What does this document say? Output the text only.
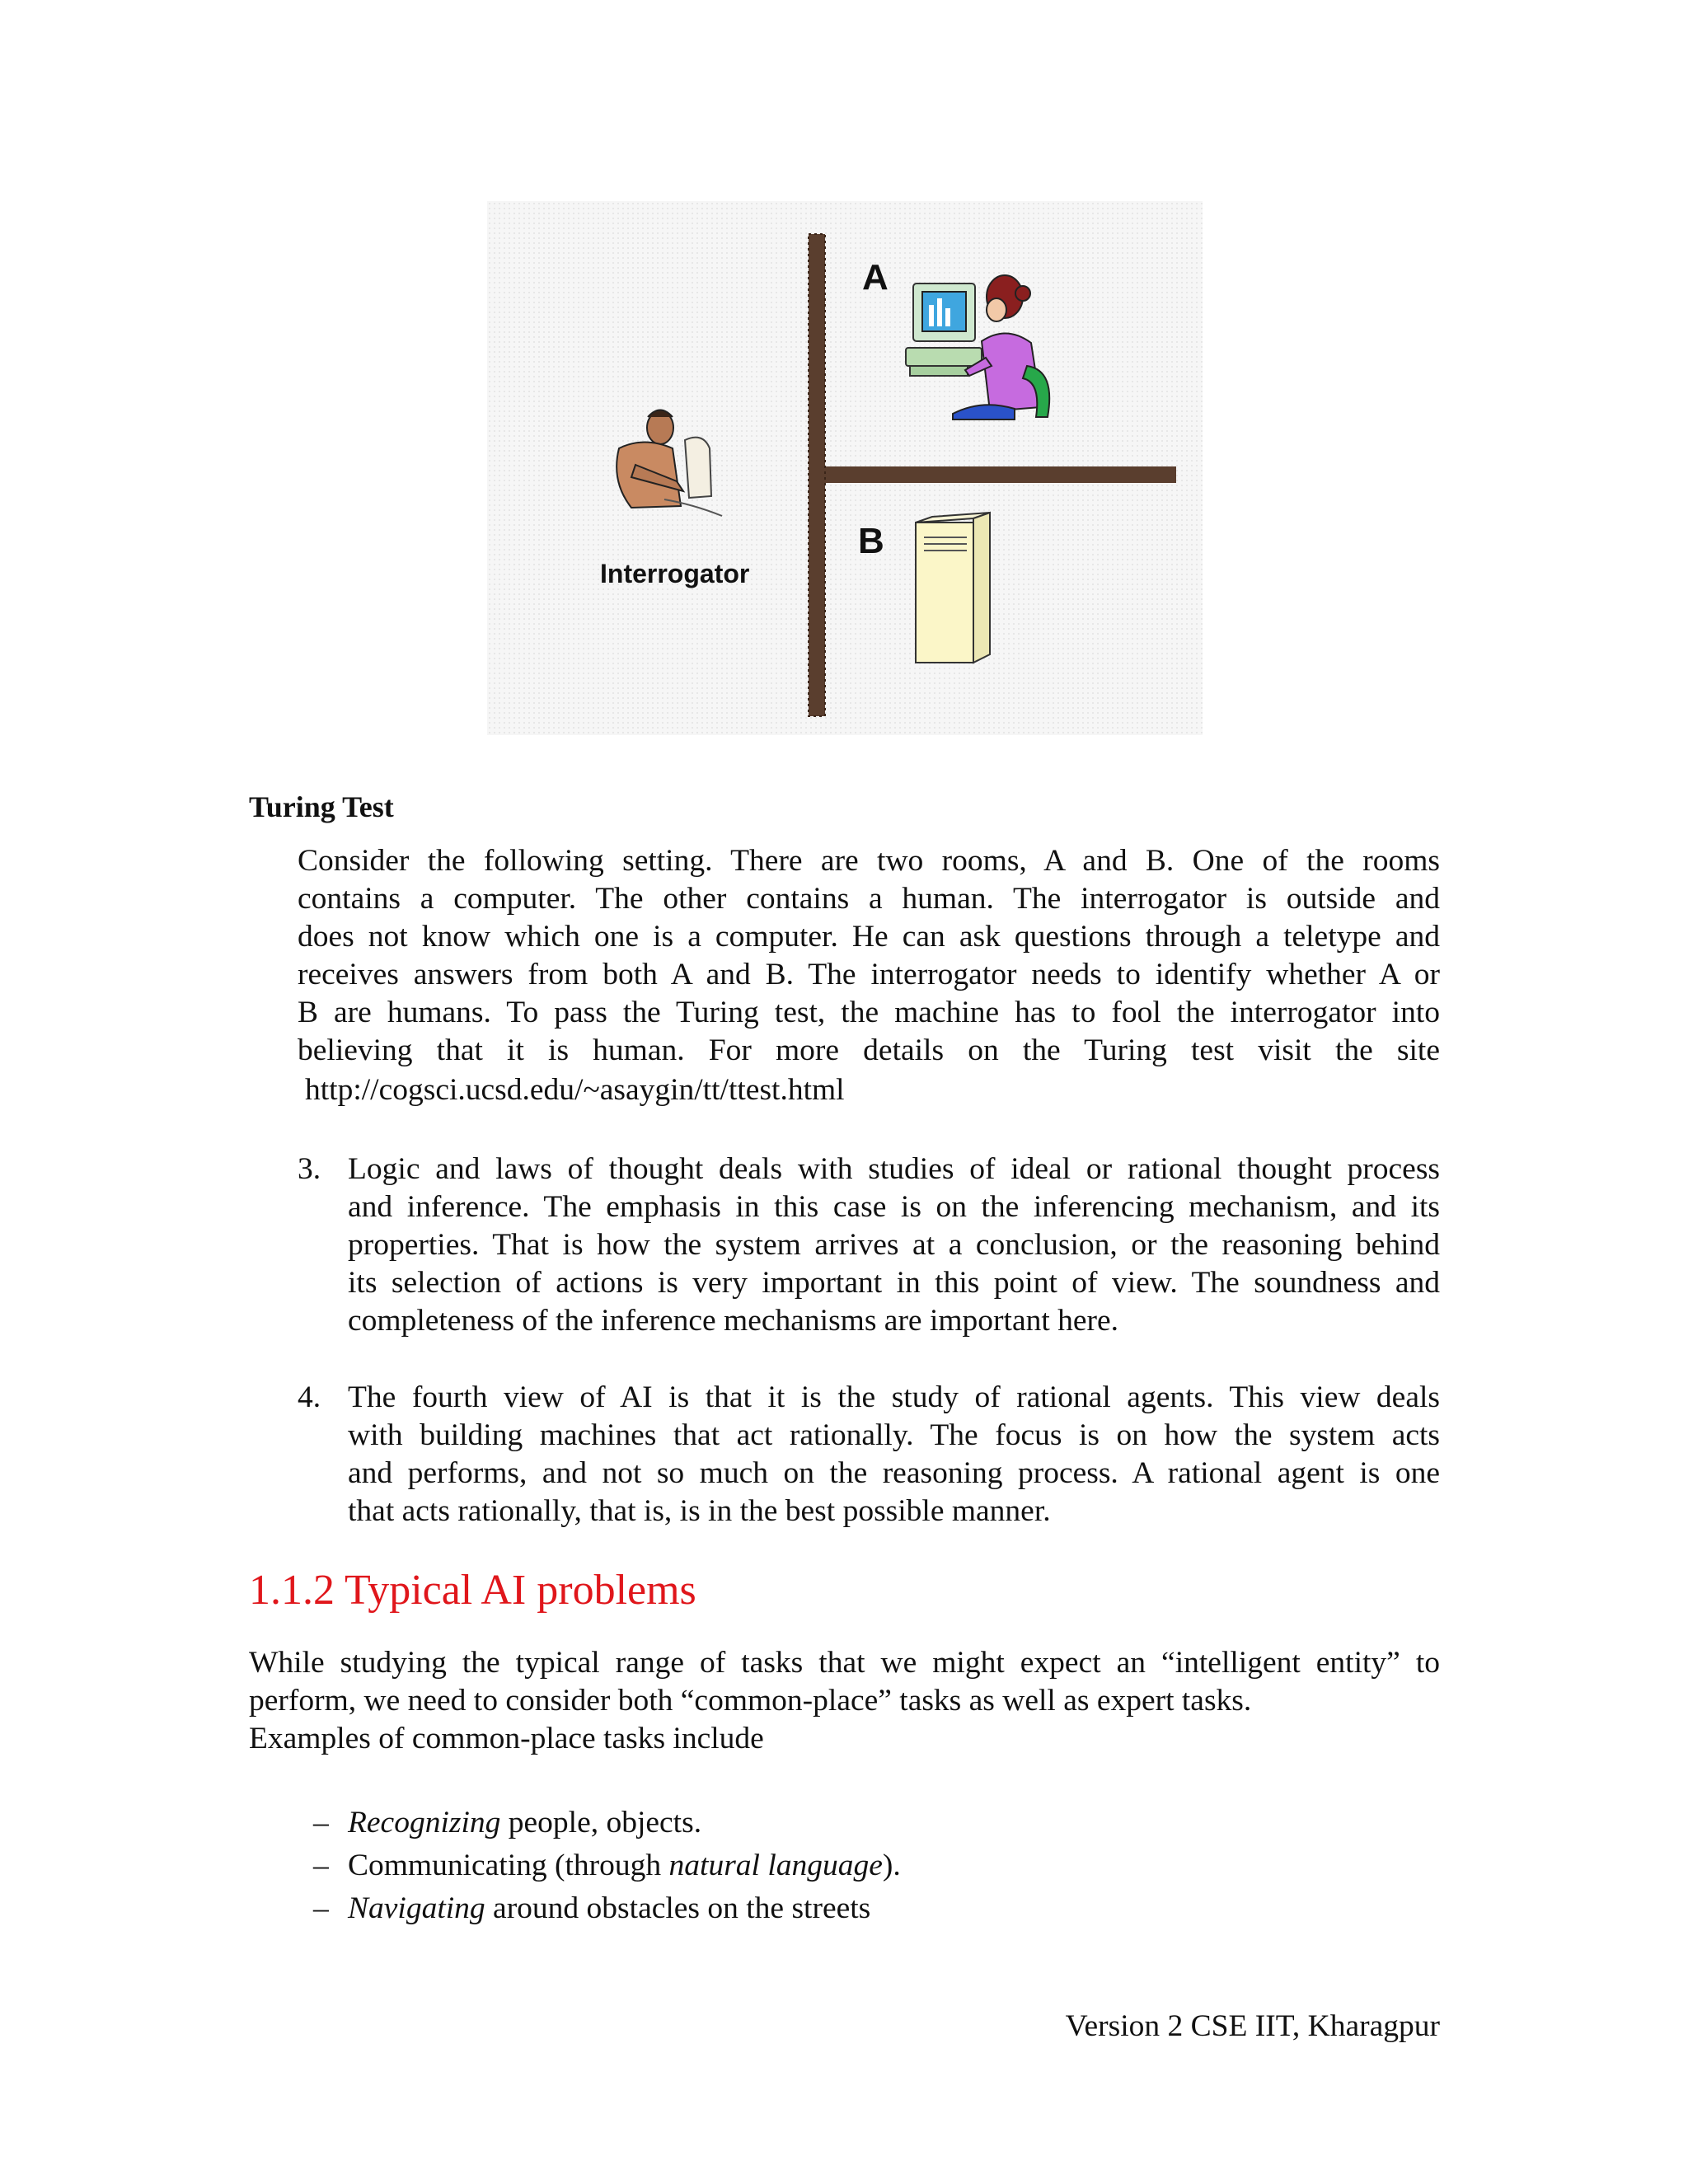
A
B
Interrogator
Turing Test

Consider the following setting. There are two rooms, A and B. One of the rooms
contains a computer. The other contains a human. The interrogator is outside and
does not know which one is a computer. He can ask questions through a teletype and
receives answers from both A and B. The interrogator needs to identify whether A or
B are humans. To pass the Turing test, the machine has to fool the interrogator into
believing that it is human. For more details on the Turing test visit the site

http://cogsci.ucsd.edu/~asaygin/tt/ttest.html
3. Logic and laws of thought deals with studies of ideal or rational thought process
and inference. The emphasis in this case is on the inferencing mechanism, and its
properties. That is how the system arrives at a conclusion, or the reasoning behind
its selection of actions is very important in this point of view. The soundness and
completeness of the inference mechanisms are important here.
4. The fourth view of AI is that it is the study of rational agents. This view deals
with building machines that act rationally. The focus is on how the system acts
and performs, and not so much on the reasoning process. A rational agent is one
that acts rationally, that is, is in the best possible manner.
1.1.2 Typical AI problems
While studying the typical range of tasks that we might expect an “intelligent entity” to
perform, we need to consider both “common-place” tasks as well as expert tasks.
Examples of common-place tasks include
– Recognizing people, objects.
– Communicating (through natural language).
– Navigating around obstacles on the streets
Version 2 CSE IIT, Kharagpur
